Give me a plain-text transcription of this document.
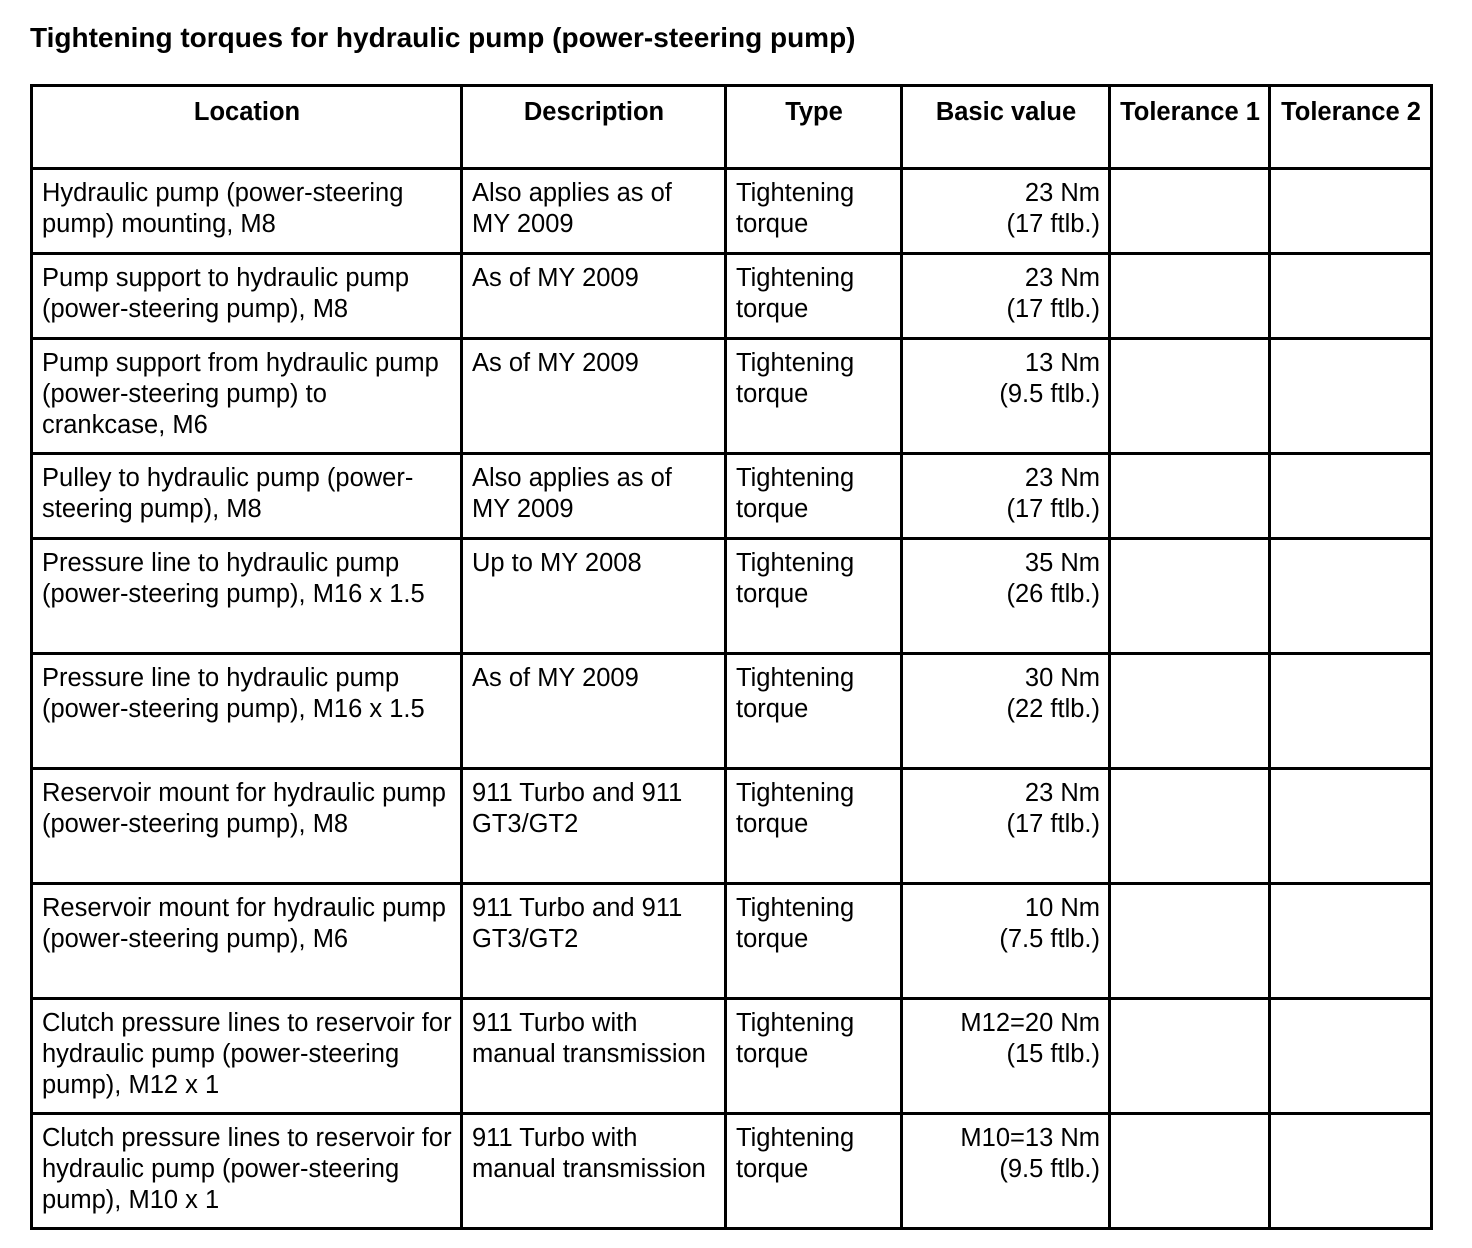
Tightening torques for hydraulic pump (power-steering pump)
Location	Description	Type	Basic value	Tolerance 1	Tolerance 2
Hydraulic pump (power-steering pump) mounting, M8	Also applies as of MY 2009	Tightening torque	23 Nm
(17 ftlb.)		

Pump support to hydraulic pump (power-steering pump), M8	As of MY 2009	Tightening torque	23 Nm
(17 ftlb.)		

Pump support from hydraulic pump (power-steering pump) to crankcase, M6	As of MY 2009	Tightening torque	13 Nm
(9.5 ftlb.)		

Pulley to hydraulic pump (power-steering pump), M8	Also applies as of MY 2009	Tightening torque	23 Nm
(17 ftlb.)		

Pressure line to hydraulic pump (power-steering pump), M16 x 1.5	Up to MY 2008	Tightening torque	35 Nm
(26 ftlb.)		

Pressure line to hydraulic pump (power-steering pump), M16 x 1.5	As of MY 2009	Tightening torque	30 Nm
(22 ftlb.)		

Reservoir mount for hydraulic pump (power-steering pump), M8	911 Turbo and 911 GT3/GT2	Tightening torque	23 Nm
(17 ftlb.)		

Reservoir mount for hydraulic pump (power-steering pump), M6	911 Turbo and 911 GT3/GT2	Tightening torque	10 Nm
(7.5 ftlb.)		

Clutch pressure lines to reservoir for hydraulic pump (power-steering pump), M12 x 1	911 Turbo with manual transmission	Tightening torque	M12=20 Nm
(15 ftlb.)		

Clutch pressure lines to reservoir for hydraulic pump (power-steering pump), M10 x 1	911 Turbo with manual transmission	Tightening torque	M10=13 Nm
(9.5 ftlb.)		
